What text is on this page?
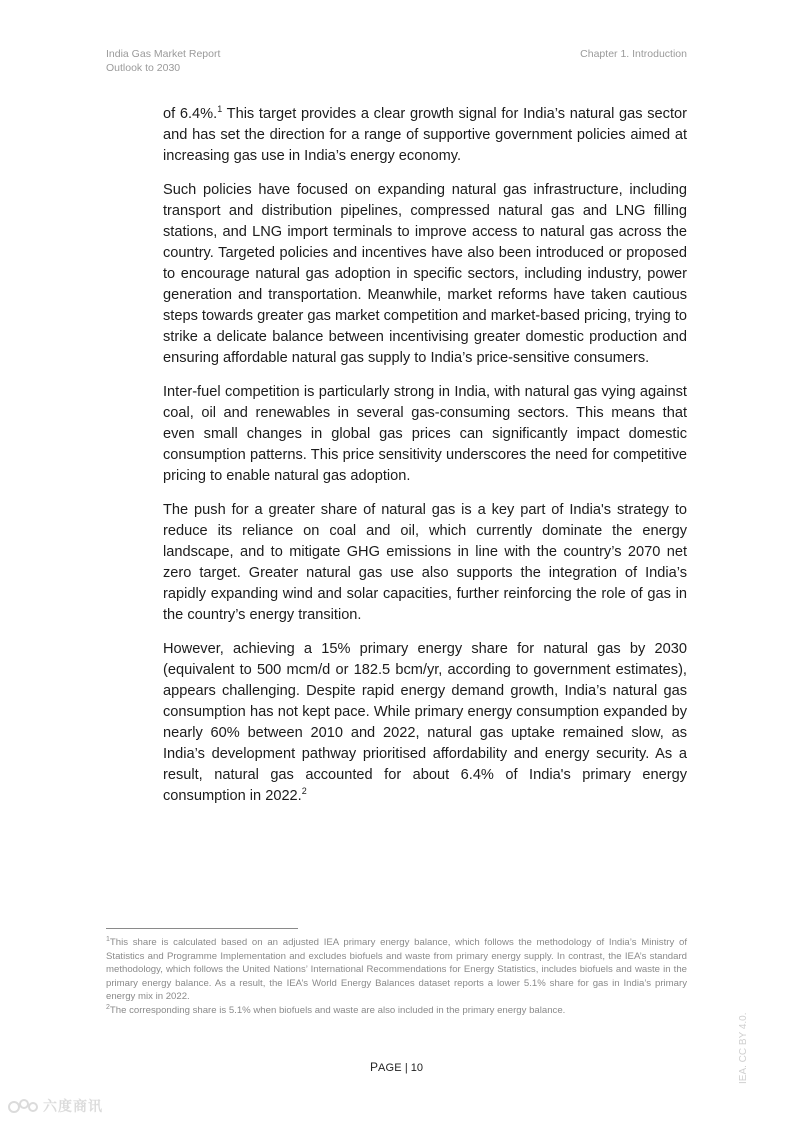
India Gas Market Report
Outlook to 2030
Chapter 1. Introduction

of 6.4%.$^1$ This target provides a clear growth signal for India’s natural gas sector and has set the direction for a range of supportive government policies aimed at increasing gas use in India’s energy economy.

Such policies have focused on expanding natural gas infrastructure, including transport and distribution pipelines, compressed natural gas and LNG filling stations, and LNG import terminals to improve access to natural gas across the country. Targeted policies and incentives have also been introduced or proposed to encourage natural gas adoption in specific sectors, including industry, power generation and transportation. Meanwhile, market reforms have taken cautious steps towards greater gas market competition and market-based pricing, trying to strike a delicate balance between incentivising greater domestic production and ensuring affordable natural gas supply to India’s price-sensitive consumers.

Inter-fuel competition is particularly strong in India, with natural gas vying against coal, oil and renewables in several gas-consuming sectors. This means that even small changes in global gas prices can significantly impact domestic consumption patterns. This price sensitivity underscores the need for competitive pricing to enable natural gas adoption.

The push for a greater share of natural gas is a key part of India's strategy to reduce its reliance on coal and oil, which currently dominate the energy landscape, and to mitigate GHG emissions in line with the country’s 2070 net zero target. Greater natural gas use also supports the integration of India’s rapidly expanding wind and solar capacities, further reinforcing the role of gas in the country’s energy transition.

However, achieving a 15% primary energy share for natural gas by 2030 (equivalent to 500 mcm/d or 182.5 bcm/yr, according to government estimates), appears challenging. Despite rapid energy demand growth, India’s natural gas consumption has not kept pace. While primary energy consumption expanded by nearly 60% between 2010 and 2022, natural gas uptake remained slow, as India’s development pathway prioritised affordability and energy security. As a result, natural gas accounted for about 6.4% of India's primary energy consumption in 2022.$^2$

$^1$This share is calculated based on an adjusted IEA primary energy balance, which follows the methodology of India’s Ministry of Statistics and Programme Implementation and excludes biofuels and waste from primary energy supply. In contrast, the IEA’s standard methodology, which follows the United Nations’ International Recommendations for Energy Statistics, includes biofuels and waste in the primary energy balance. As a result, the IEA’s World Energy Balances dataset reports a lower 5.1% share for gas in India’s primary energy mix in 2022.

$^2$The corresponding share is 5.1% when biofuels and waste are also included in the primary energy balance.

PAGE | 10	IEA. CC BY 4.0.
六度商讯
